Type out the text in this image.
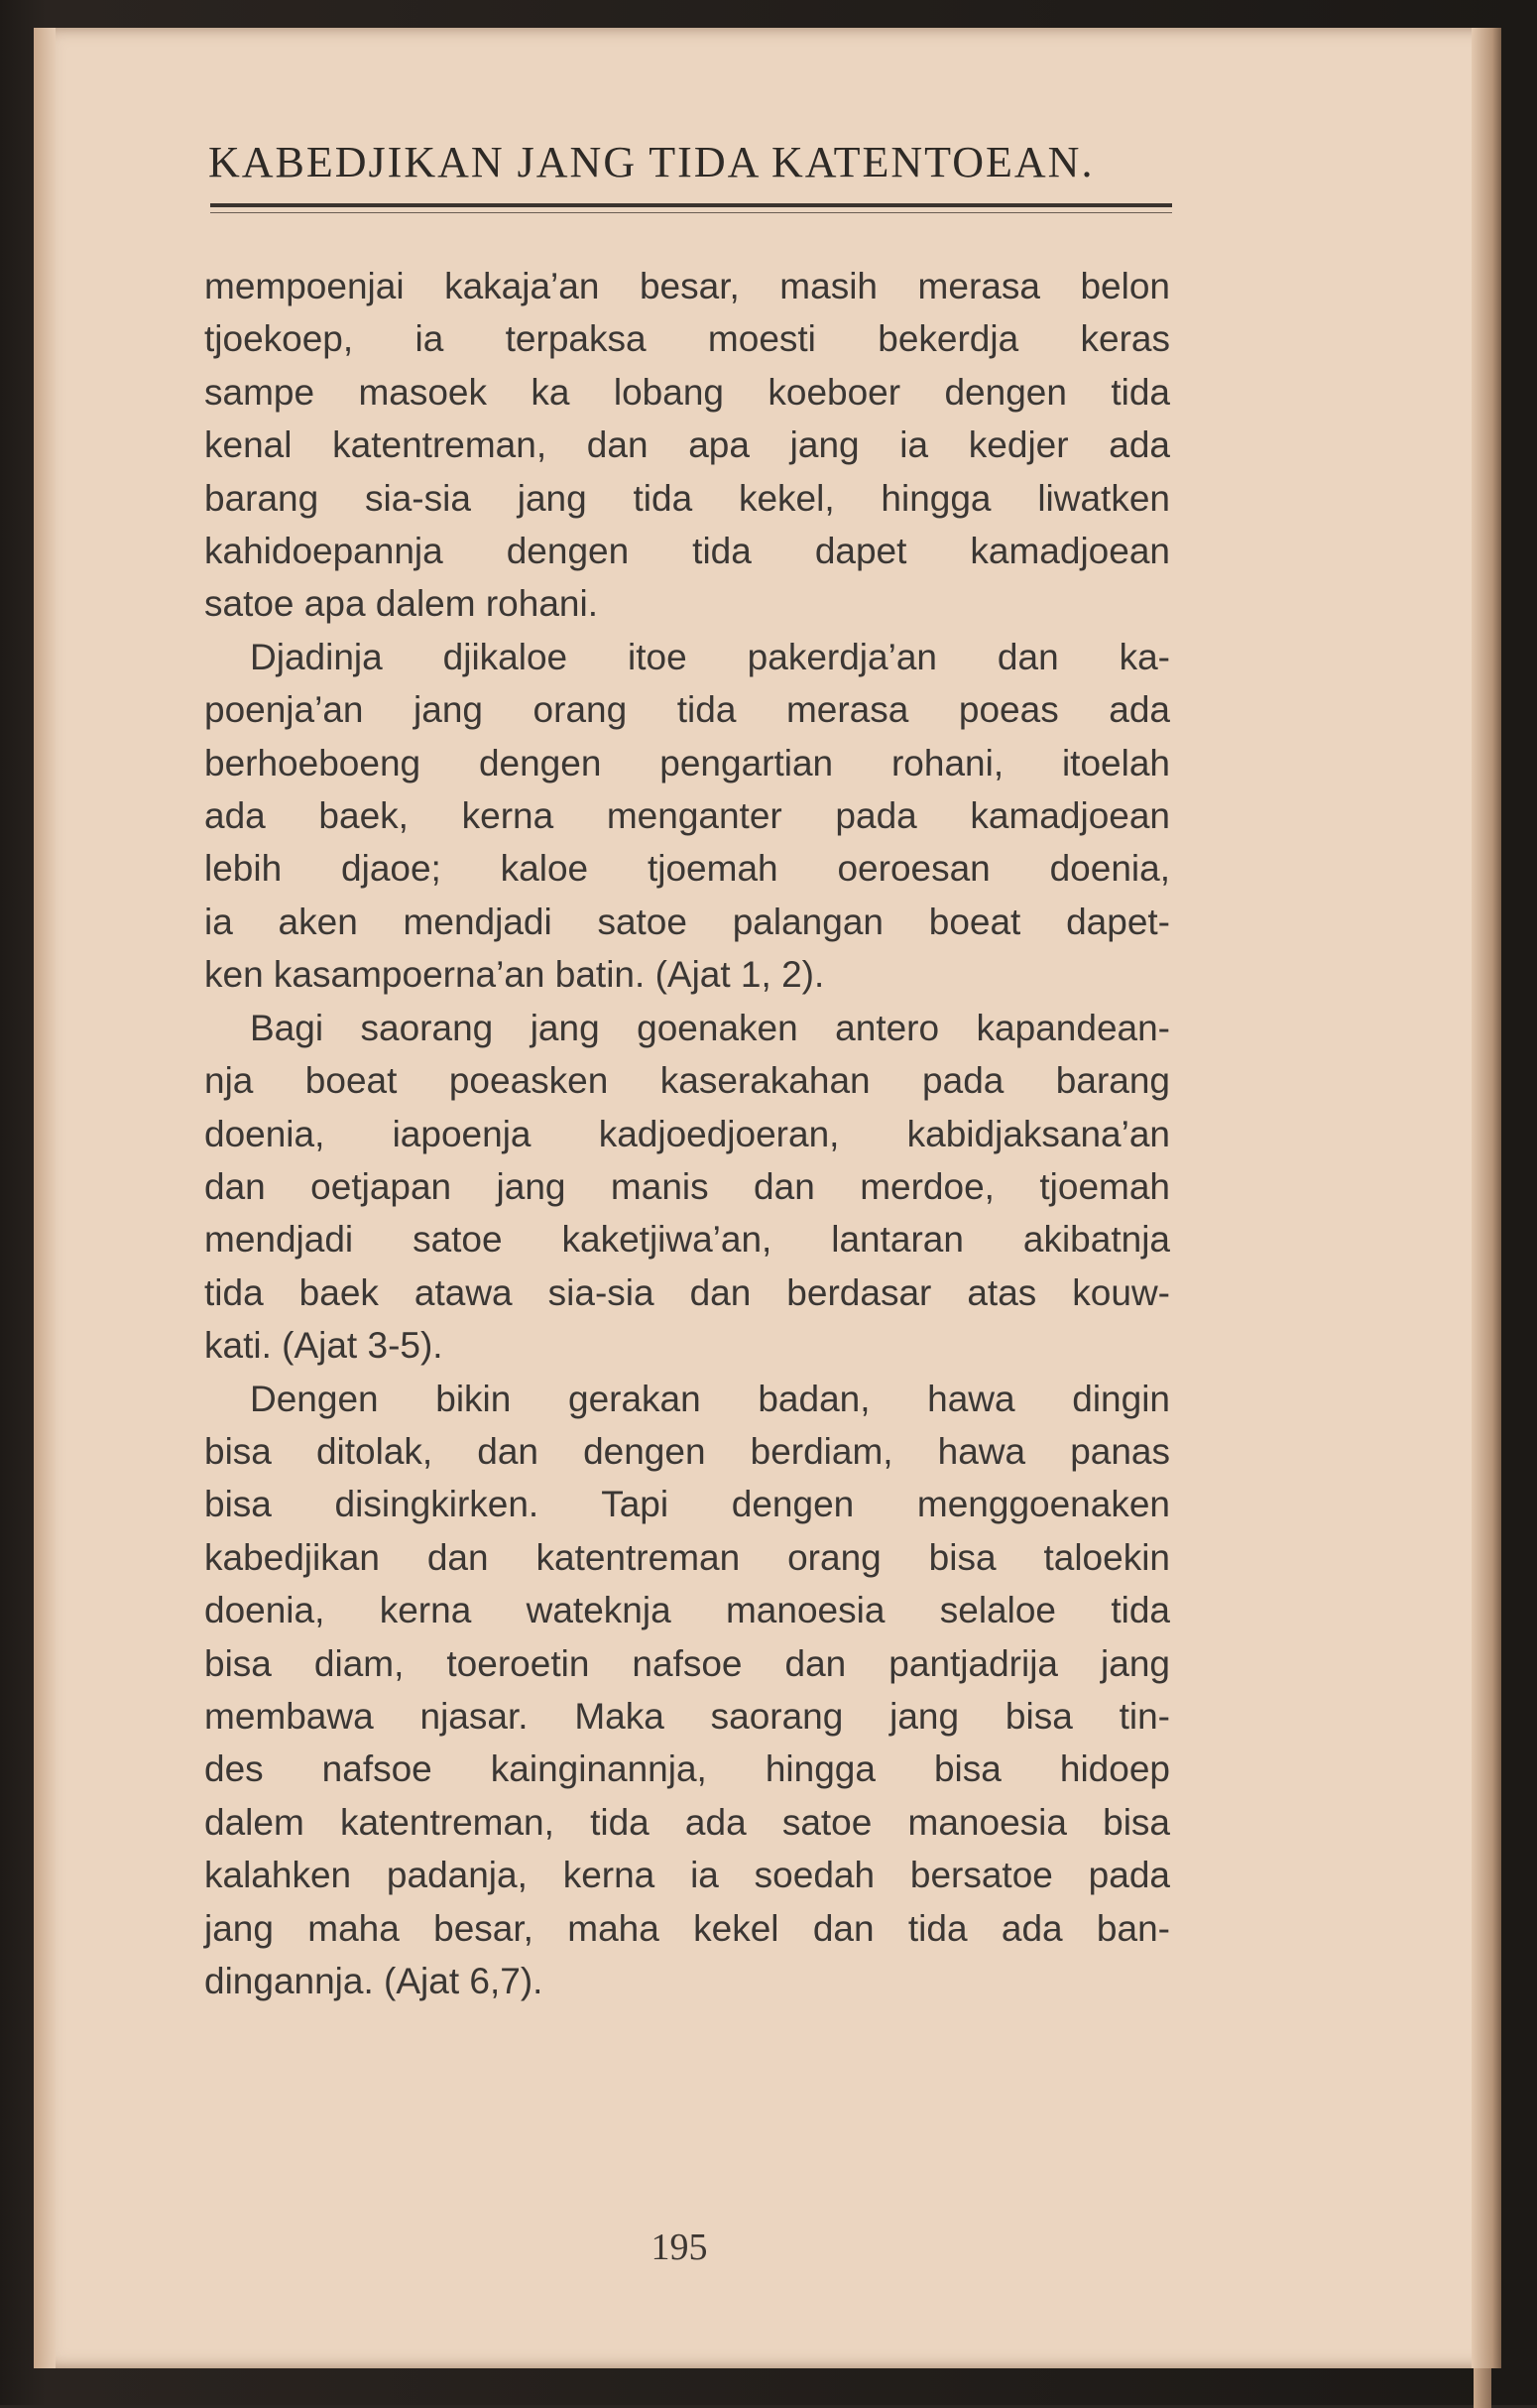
KABEDJIKAN JANG TIDA KATENTOEAN.
mempoenjai kakaja’an besar, masih merasa belon
tjoekoep, ia terpaksa moesti bekerdja keras
sampe masoek ka lobang koeboer dengen tida
kenal katentreman, dan apa jang ia kedjer ada
barang sia-sia jang tida kekel, hingga liwatken
kahidoepannja dengen tida dapet kamadjoean
satoe apa dalem rohani.
Djadinja djikaloe itoe pakerdja’an dan ka-
poenja’an jang orang tida merasa poeas ada
berhoeboeng dengen pengartian rohani, itoelah
ada baek, kerna menganter pada kamadjoean
lebih djaoe; kaloe tjoemah oeroesan doenia,
ia aken mendjadi satoe palangan boeat dapet-
ken kasampoerna’an batin. (Ajat 1, 2).
Bagi saorang jang goenaken antero kapandean-
nja boeat poeasken kaserakahan pada barang
doenia, iapoenja kadjoedjoeran, kabidjaksana’an
dan oetjapan jang manis dan merdoe, tjoemah
mendjadi satoe kaketjiwa’an, lantaran akibatnja
tida baek atawa sia-sia dan berdasar atas kouw-
kati. (Ajat 3-5).
Dengen bikin gerakan badan, hawa dingin
bisa ditolak, dan dengen berdiam, hawa panas
bisa disingkirken. Tapi dengen menggoenaken
kabedjikan dan katentreman orang bisa taloekin
doenia, kerna wateknja manoesia selaloe tida
bisa diam, toeroetin nafsoe dan pantjadrija jang
membawa njasar. Maka saorang jang bisa tin-
des nafsoe kainginannja, hingga bisa hidoep
dalem katentreman, tida ada satoe manoesia bisa
kalahken padanja, kerna ia soedah bersatoe pada
jang maha besar, maha kekel dan tida ada ban-
dingannja. (Ajat 6,7).
195
